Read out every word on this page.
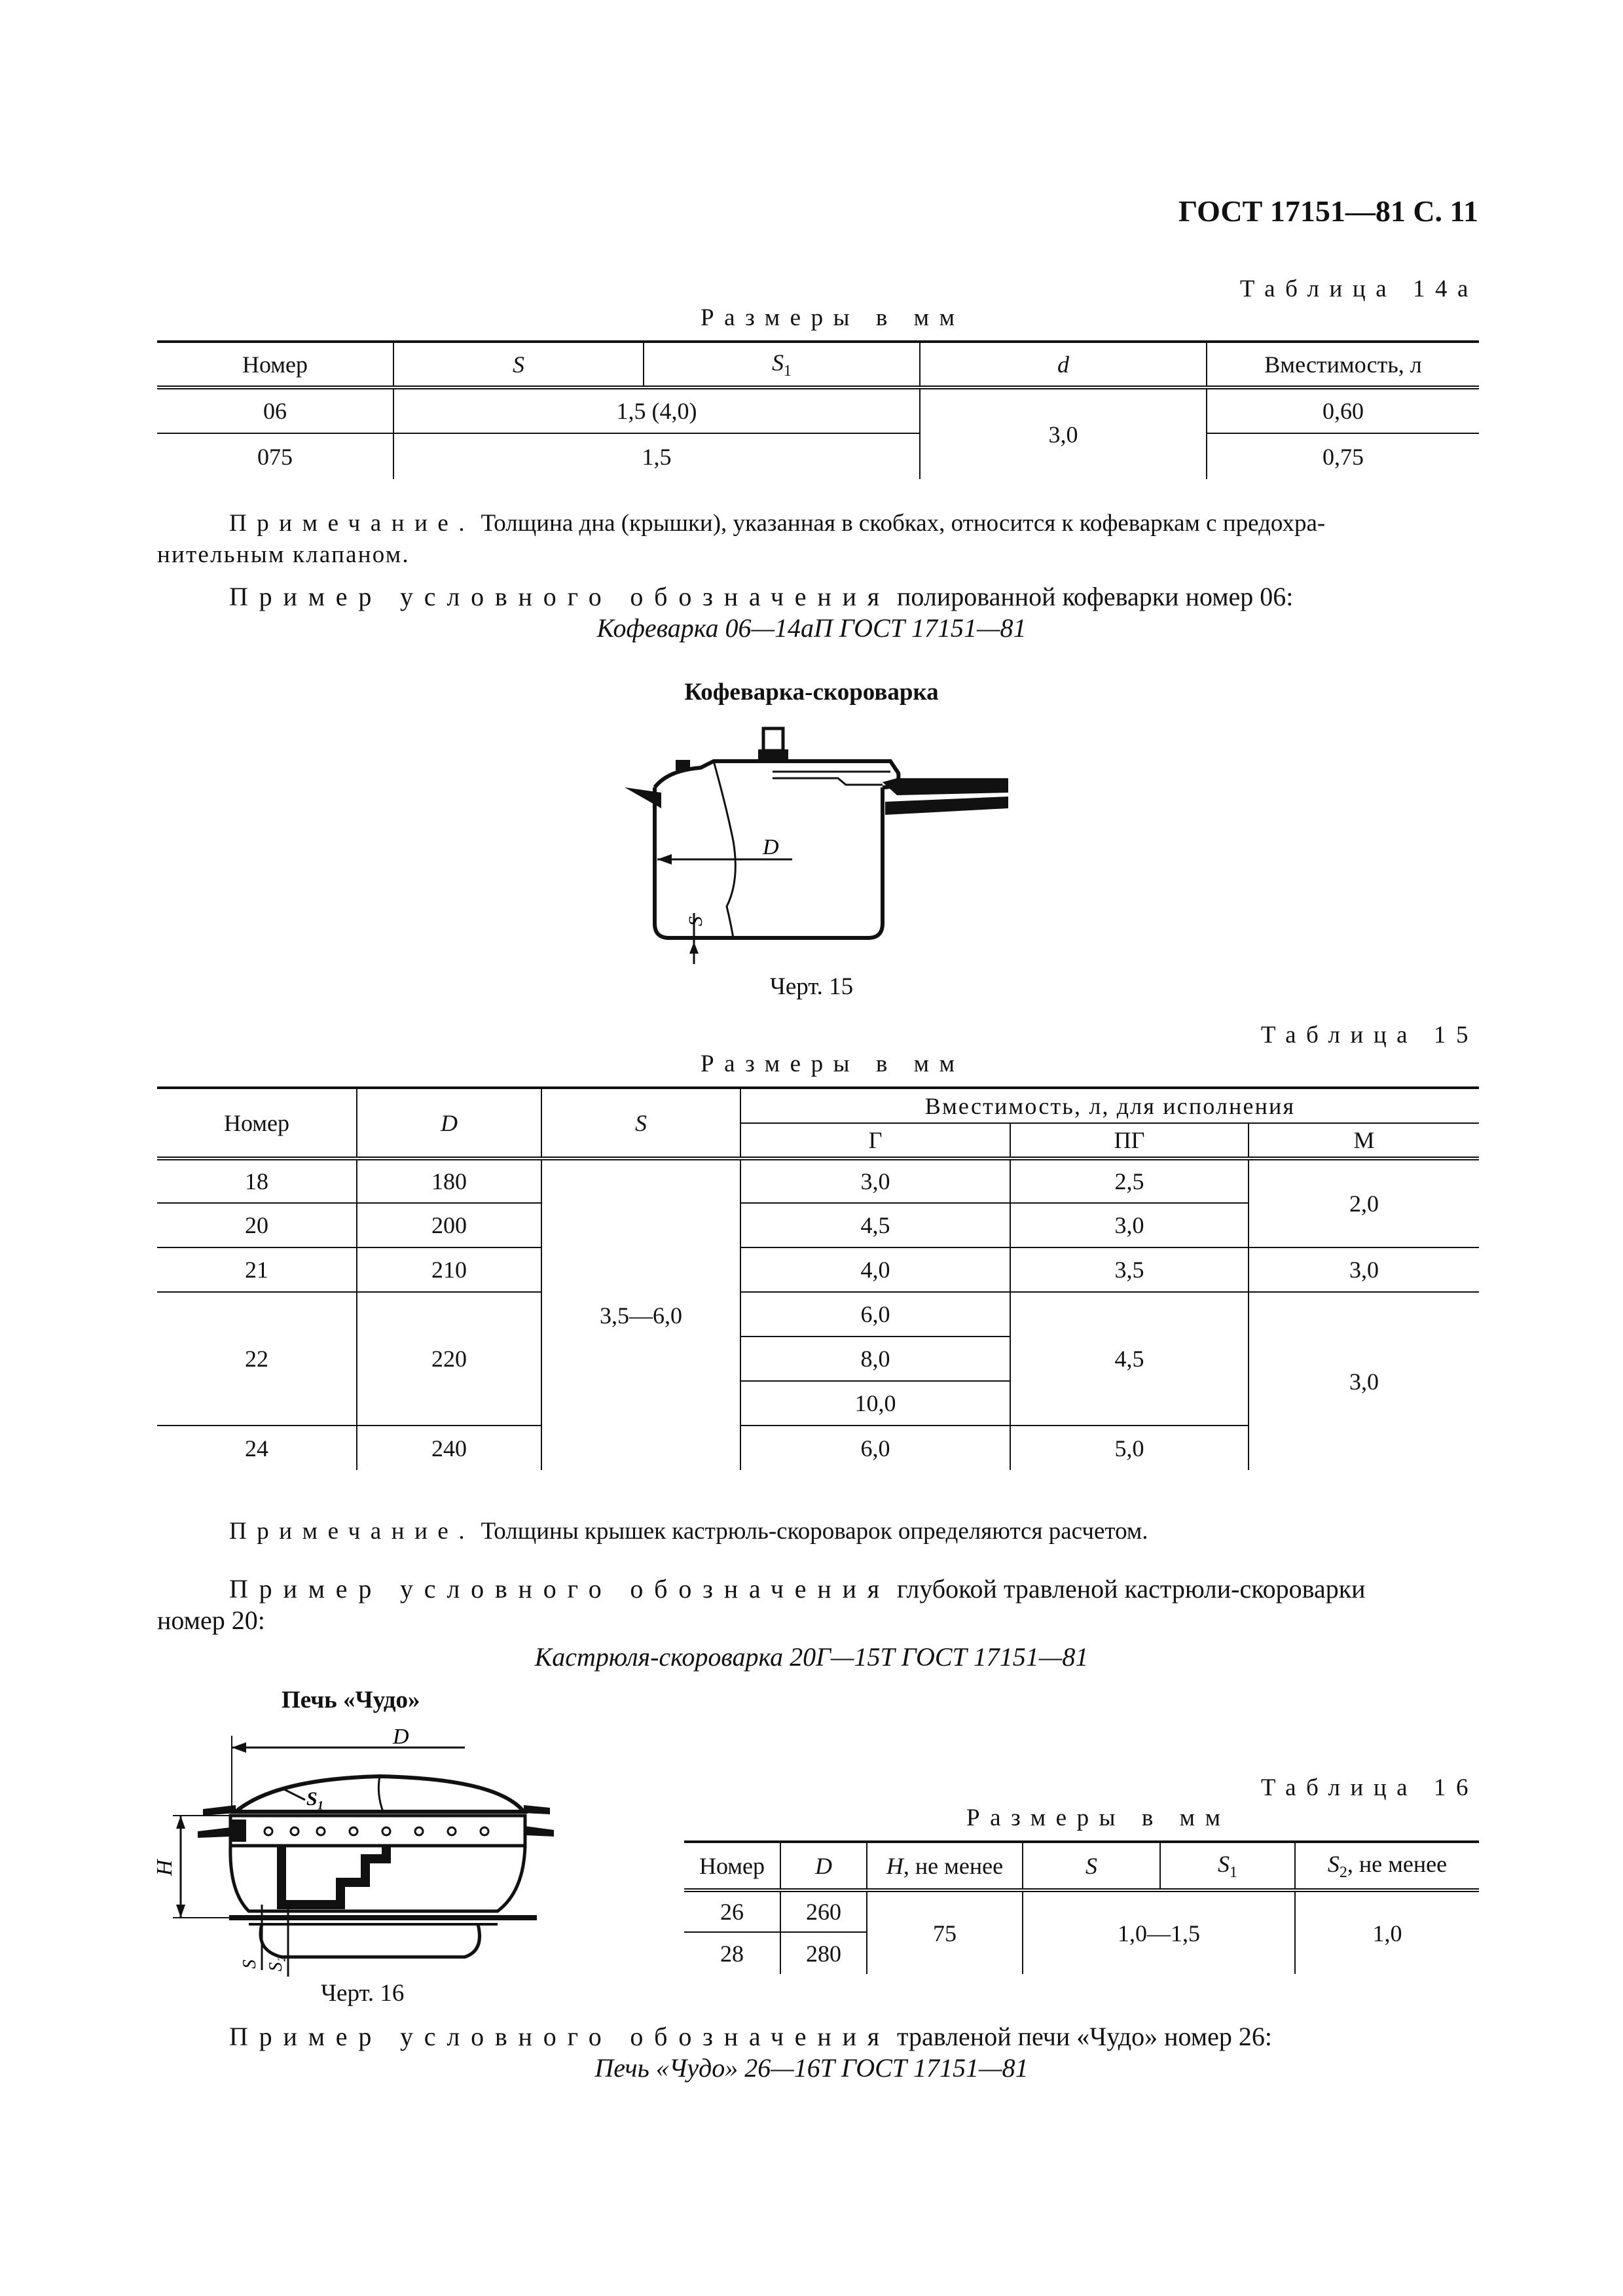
ГОСТ 17151—81 С. 11
Таблица 14а
Размеры в мм
Номер	S	$S_1$	d	Вместимость, л
06	1,5 (4,0)		3,0	0,60
075	1,5			0,75
Примечание. Толщина дна (крышки), указанная в скобках, относится к кофеваркам с предохра-
нительным клапаном.
Пример условного обозначения полированной кофеварки номер 06:
Кофеварка 06—14аП ГОСТ 17151—81
Кофеварка-скороварка
D
S
Черт. 15
Таблица 15
Размеры в мм
Номер	D	S	Вместимость, л, для исполнения		
			Г	ПГ	М
18	180	3,5—6,0	3,0	2,5	2,0
20	200		4,5	3,0	
21	210		4,0	3,5	3,0
22	220		6,0	4,5	3,0
			8,0		
			10,0		
24	240		6,0	5,0	
Примечание. Толщины крышек кастрюль-скороварок определяются расчетом.
Пример условного обозначения глубокой травленой кастрюли-скороварки
номер 20:
Кастрюля-скороварка 20Г—15Т ГОСТ 17151—81
Печь «Чудо»
D
S₁
H
S S₂
Черт. 16
Таблица 16
Размеры в мм
Номер	D	H, не менее	S	$S_1$	$S_2$, не менее
26	260	75	1,0—1,5		1,0
28	280				
Пример условного обозначения травленой печи «Чудо» номер 26:
Печь «Чудо» 26—16Т ГОСТ 17151—81
